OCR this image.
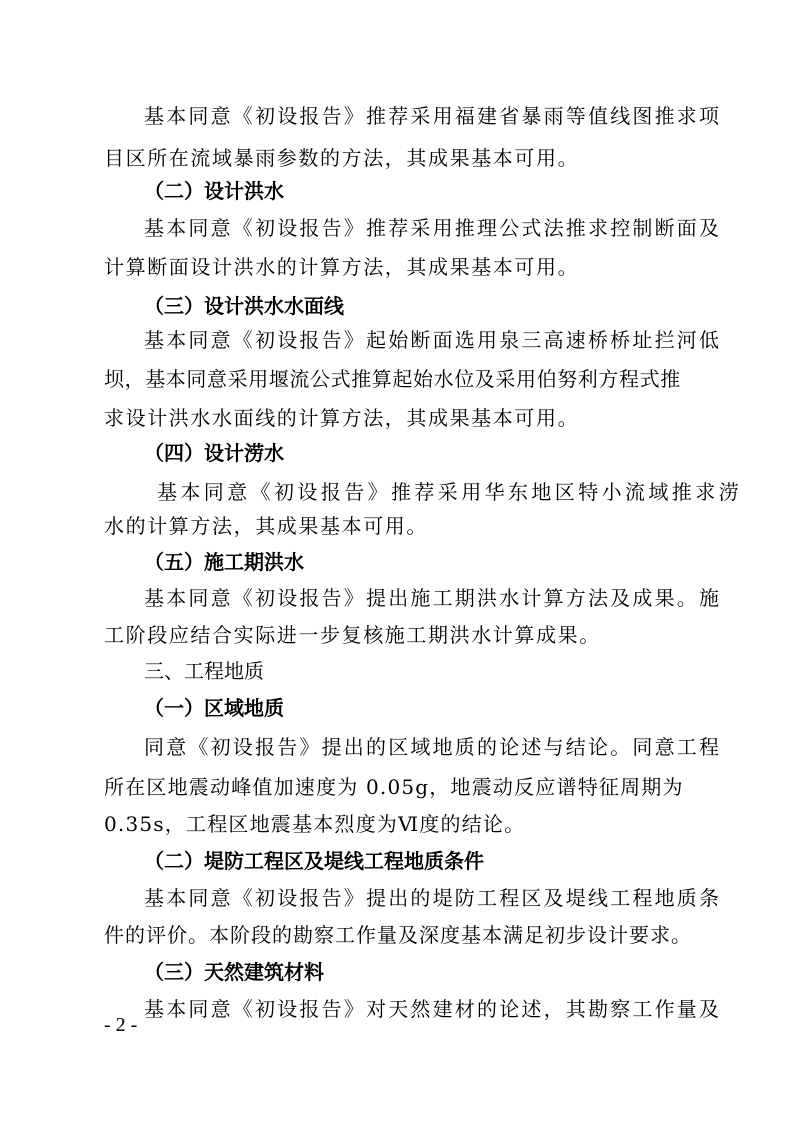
基本同意《初设报告》推荐采用福建省暴雨等值线图推求项
目区所在流域暴雨参数的方法，其成果基本可用。
（二）设计洪水
基本同意《初设报告》推荐采用推理公式法推求控制断面及
计算断面设计洪水的计算方法，其成果基本可用。
（三）设计洪水水面线
基本同意《初设报告》起始断面选用泉三高速桥桥址拦河低
坝，基本同意采用堰流公式推算起始水位及采用伯努利方程式推
求设计洪水水面线的计算方法，其成果基本可用。
（四）设计涝水
基本同意《初设报告》推荐采用华东地区特小流域推求涝
水的计算方法，其成果基本可用。
（五）施工期洪水
基本同意《初设报告》提出施工期洪水计算方法及成果。施
工阶段应结合实际进一步复核施工期洪水计算成果。
三、工程地质
（一）区域地质
同意《初设报告》提出的区域地质的论述与结论。同意工程
所在区地震动峰值加速度为 0.05g，地震动反应谱特征周期为
0.35s，工程区地震基本烈度为Ⅵ度的结论。
（二）堤防工程区及堤线工程地质条件
基本同意《初设报告》提出的堤防工程区及堤线工程地质条
件的评价。本阶段的勘察工作量及深度基本满足初步设计要求。
（三）天然建筑材料
基本同意《初设报告》对天然建材的论述，其勘察工作量及
- 2 -
